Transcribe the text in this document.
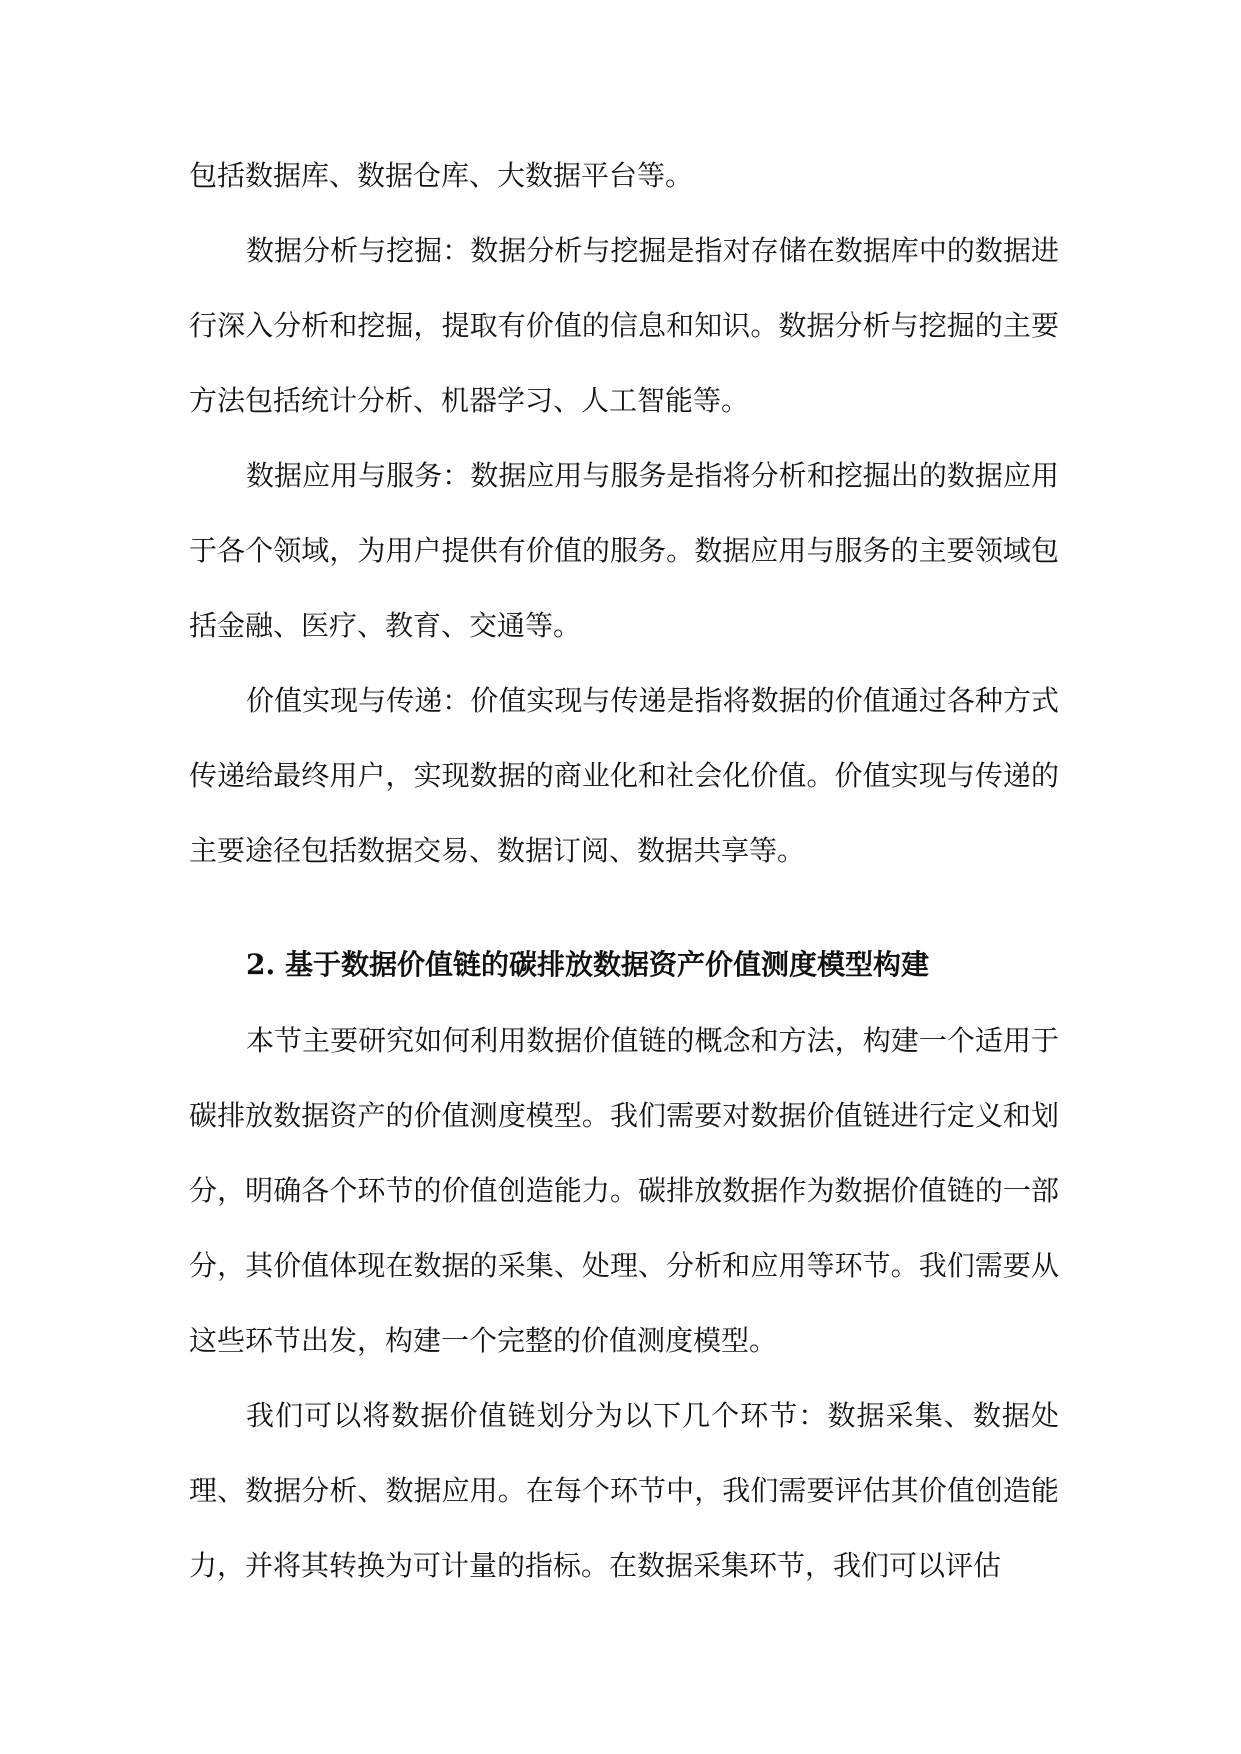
包括数据库、数据仓库、大数据平台等。

数据分析与挖掘：数据分析与挖掘是指对存储在数据库中的数据进行深入分析和挖掘，提取有价值的信息和知识。数据分析与挖掘的主要方法包括统计分析、机器学习、人工智能等。

数据应用与服务：数据应用与服务是指将分析和挖掘出的数据应用于各个领域，为用户提供有价值的服务。数据应用与服务的主要领域包括金融、医疗、教育、交通等。

价值实现与传递：价值实现与传递是指将数据的价值通过各种方式传递给最终用户，实现数据的商业化和社会化价值。价值实现与传递的主要途径包括数据交易、数据订阅、数据共享等。

2. 基于数据价值链的碳排放数据资产价值测度模型构建

本节主要研究如何利用数据价值链的概念和方法，构建一个适用于碳排放数据资产的价值测度模型。我们需要对数据价值链进行定义和划分，明确各个环节的价值创造能力。碳排放数据作为数据价值链的一部分，其价值体现在数据的采集、处理、分析和应用等环节。我们需要从这些环节出发，构建一个完整的价值测度模型。

我们可以将数据价值链划分为以下几个环节：数据采集、数据处理、数据分析、数据应用。在每个环节中，我们需要评估其价值创造能力，并将其转换为可计量的指标。在数据采集环节，我们可以评估
